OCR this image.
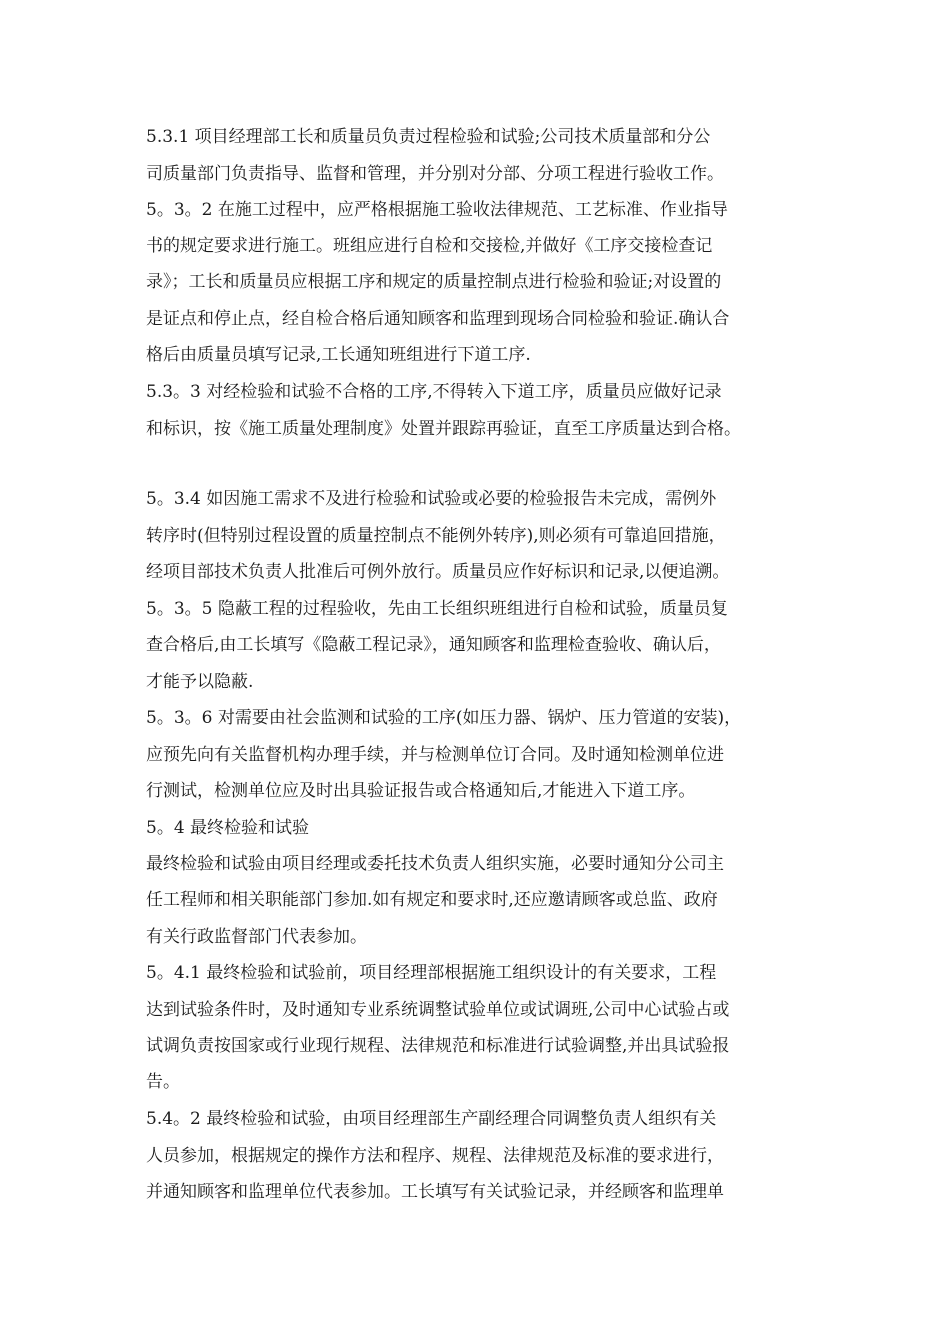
5.3.1 项目经理部工长和质量员负责过程检验和试验;公司技术质量部和分公
司质量部门负责指导、监督和管理，并分别对分部、分项工程进行验收工作。
5。3。2 在施工过程中，应严格根据施工验收法律规范、工艺标准、作业指导
书的规定要求进行施工。班组应进行自检和交接检,并做好《工序交接检查记
录》；工长和质量员应根据工序和规定的质量控制点进行检验和验证;对设置的
是证点和停止点，经自检合格后通知顾客和监理到现场合同检验和验证.确认合
格后由质量员填写记录,工长通知班组进行下道工序.
5.3。3 对经检验和试验不合格的工序,不得转入下道工序，质量员应做好记录
和标识，按《施工质量处理制度》处置并跟踪再验证，直至工序质量达到合格。
5。3.4 如因施工需求不及进行检验和试验或必要的检验报告未完成，需例外
转序时(但特别过程设置的质量控制点不能例外转序),则必须有可靠追回措施，
经项目部技术负责人批准后可例外放行。质量员应作好标识和记录,以便追溯。
5。3。5 隐蔽工程的过程验收，先由工长组织班组进行自检和试验，质量员复
查合格后,由工长填写《隐蔽工程记录》，通知顾客和监理检查验收、确认后，
才能予以隐蔽.
5。3。6 对需要由社会监测和试验的工序(如压力器、锅炉、压力管道的安装)，
应预先向有关监督机构办理手续，并与检测单位订合同。及时通知检测单位进
行测试，检测单位应及时出具验证报告或合格通知后,才能进入下道工序。
5。4 最终检验和试验
最终检验和试验由项目经理或委托技术负责人组织实施，必要时通知分公司主
任工程师和相关职能部门参加.如有规定和要求时,还应邀请顾客或总监、政府
有关行政监督部门代表参加。
5。4.1 最终检验和试验前，项目经理部根据施工组织设计的有关要求，工程
达到试验条件时，及时通知专业系统调整试验单位或试调班,公司中心试验占或
试调负责按国家或行业现行规程、法律规范和标准进行试验调整,并出具试验报
告。
5.4。2 最终检验和试验，由项目经理部生产副经理合同调整负责人组织有关
人员参加，根据规定的操作方法和程序、规程、法律规范及标准的要求进行，
并通知顾客和监理单位代表参加。工长填写有关试验记录，并经顾客和监理单
